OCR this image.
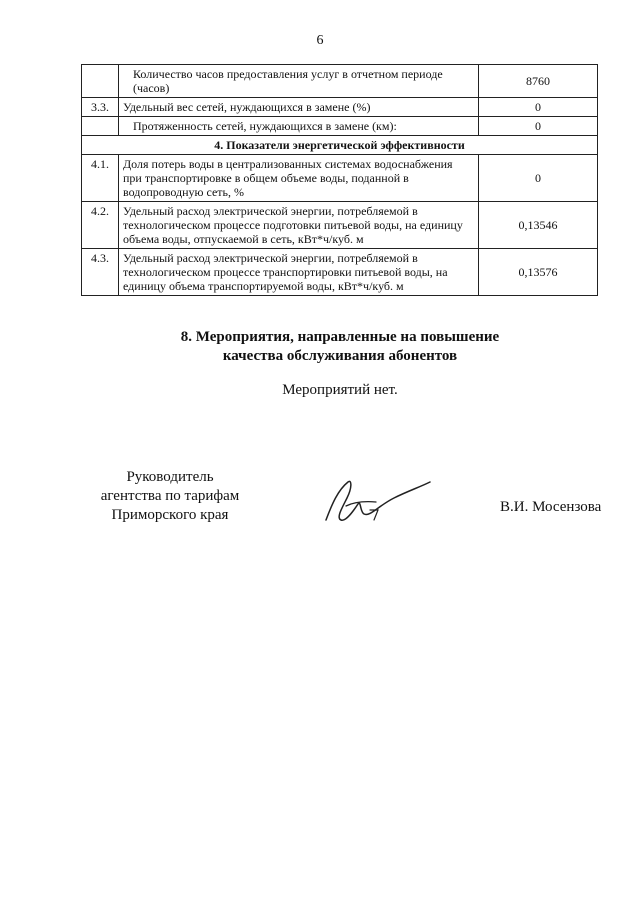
6
	Количество часов предоставления услуг в отчетном периоде (часов)	8760
3.3.	Удельный вес сетей, нуждающихся в замене (%)	0
	Протяженность сетей, нуждающихся в замене (км):	0
4. Показатели энергетической эффективности		
4.1.	Доля потерь воды в централизованных системах водоснабжения при транспортировке в общем объеме воды, поданной в водопроводную сеть, %	0
4.2.	Удельный расход электрической энергии, потребляемой в технологическом процессе подготовки питьевой воды, на единицу объема воды, отпускаемой в сеть, кВт*ч/куб. м	0,13546
4.3.	Удельный расход электрической энергии, потребляемой в технологическом процессе транспортировки питьевой воды, на единицу объема транспортируемой воды, кВт*ч/куб. м	0,13576
8. Мероприятия, направленные на повышение
качества обслуживания абонентов
Мероприятий нет.
Руководитель
агентства по тарифам
Приморского края	В.И. Мосензова
